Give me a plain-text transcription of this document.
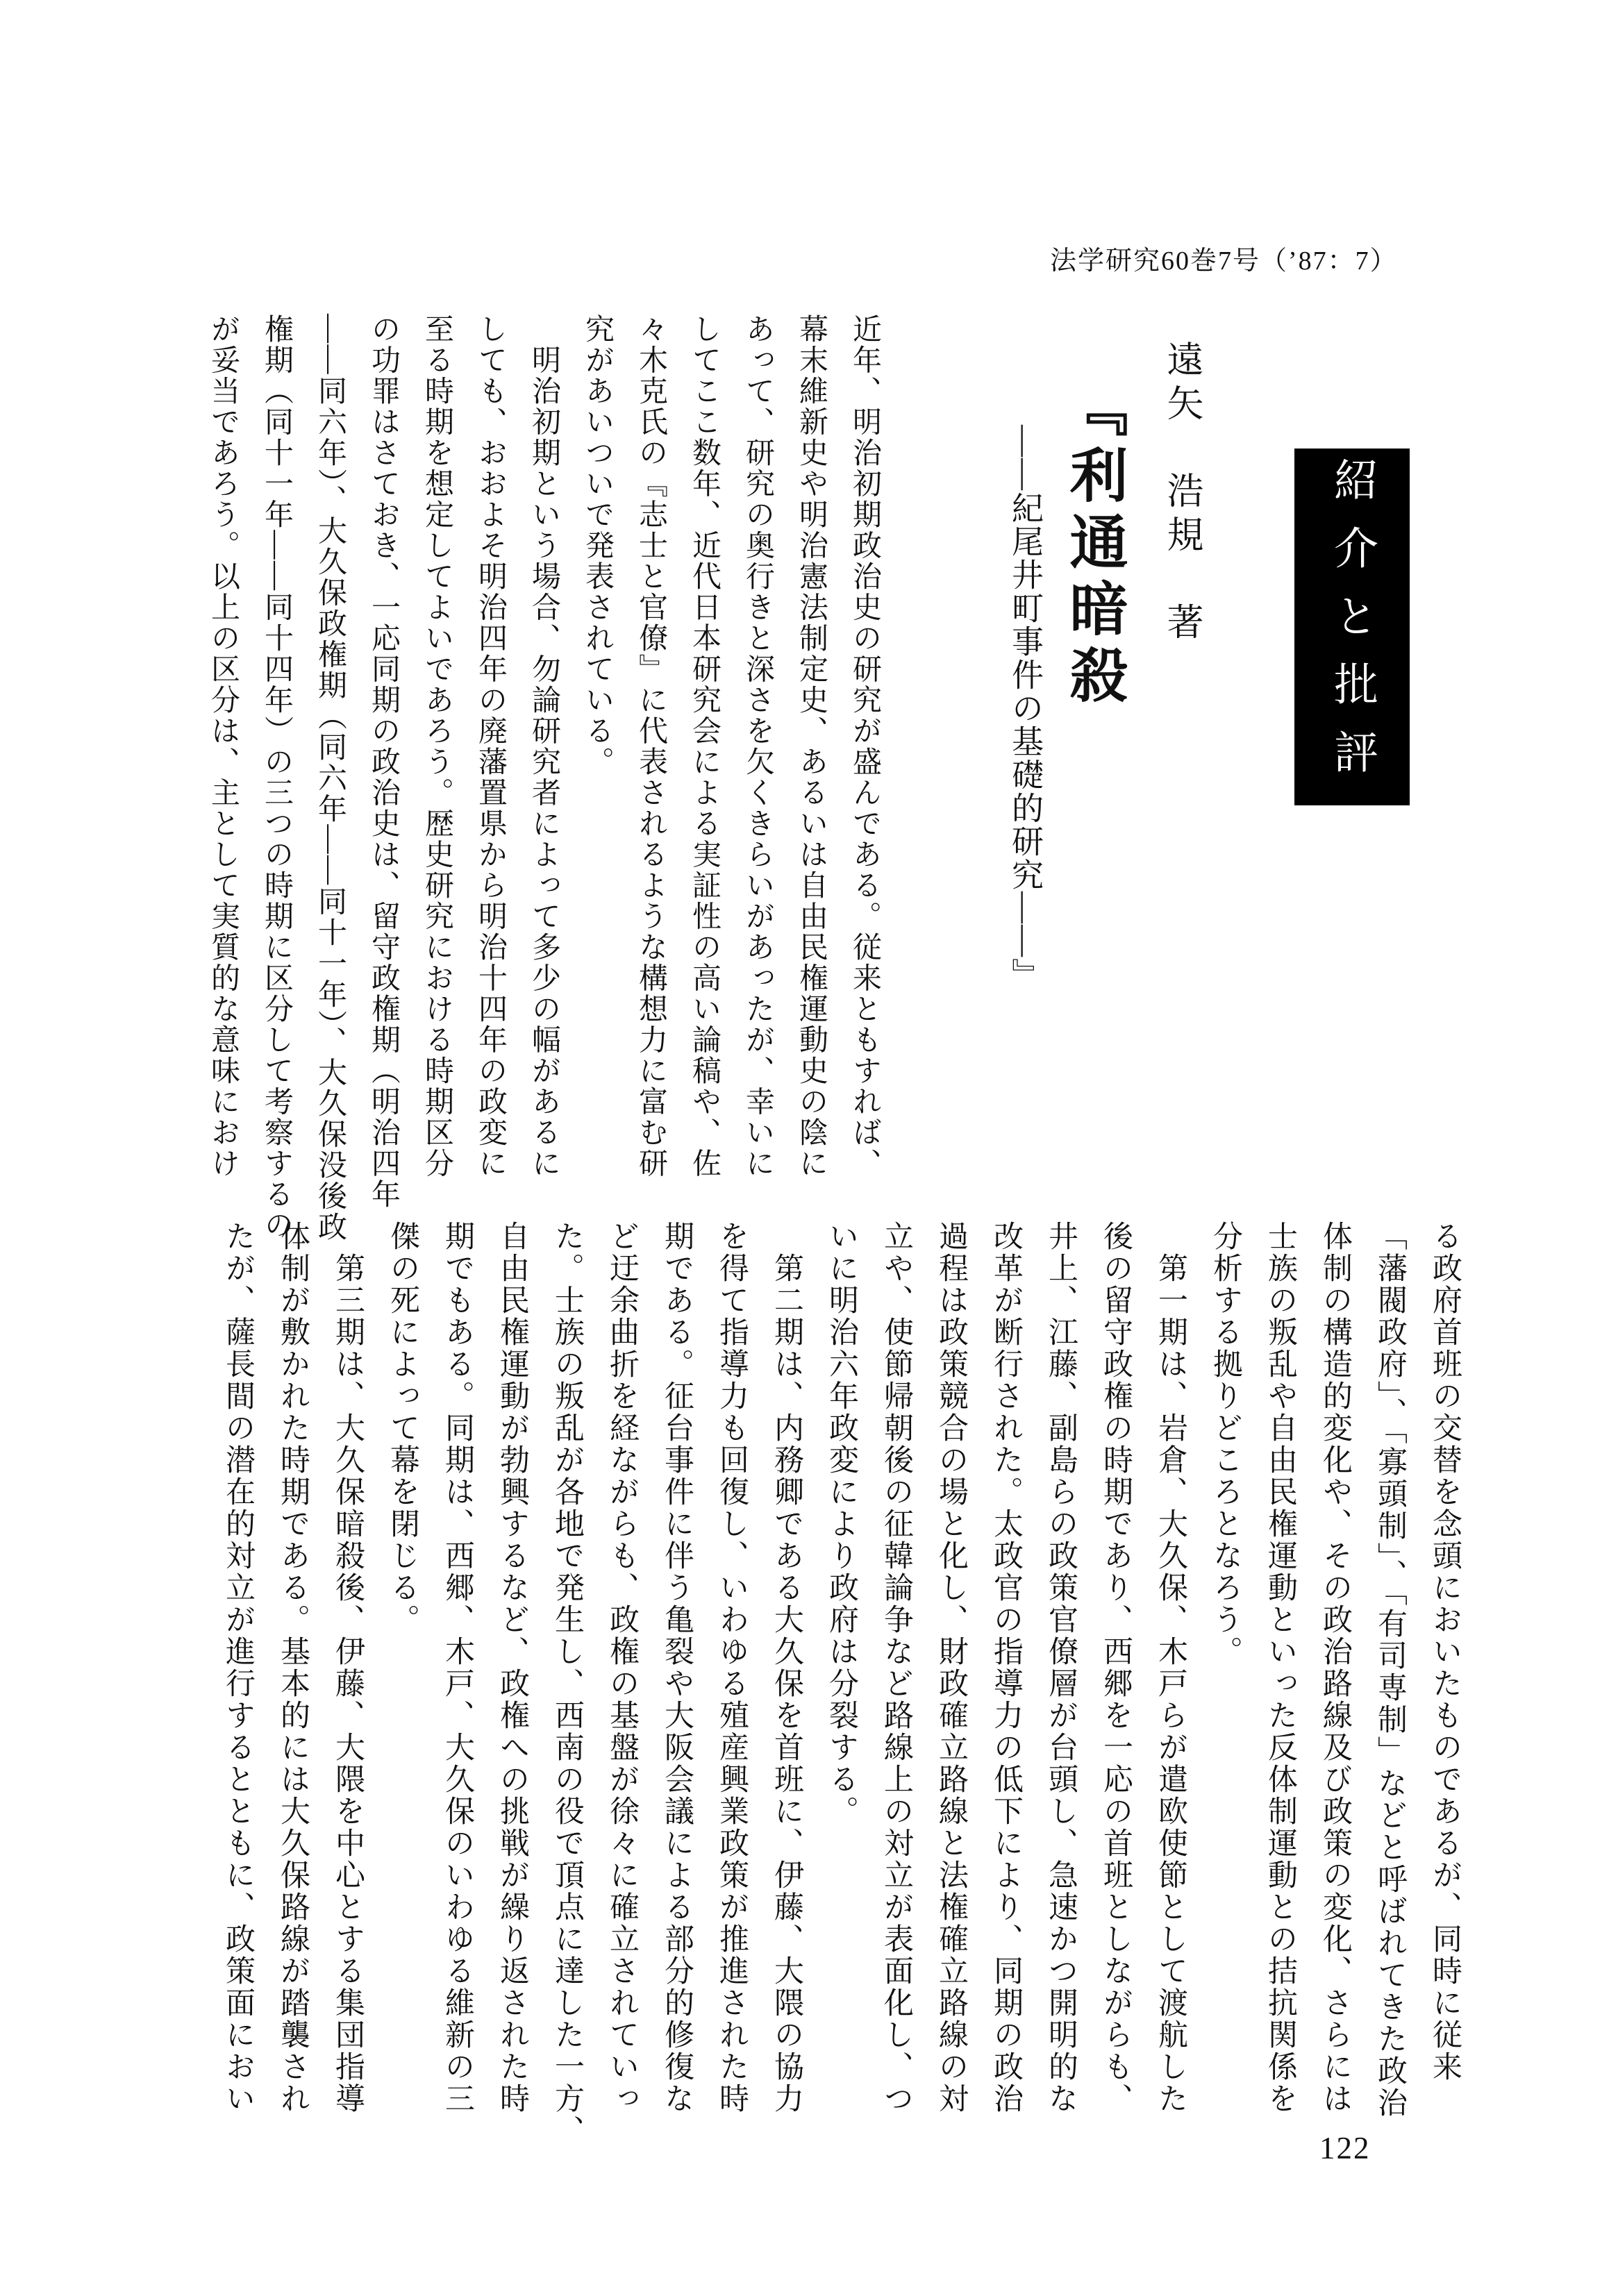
法学研究60巻7号（’87：7）
紹介と批評
遠矢　浩規　著
『利通暗殺
――紀尾井町事件の基礎的研究――』
近年、明治初期政治史の研究が盛んである。従来ともすれば、
幕末維新史や明治憲法制定史、あるいは自由民権運動史の陰に
あって、研究の奥行きと深さを欠くきらいがあったが、幸いに
してここ数年、近代日本研究会による実証性の高い論稿や、佐
々木克氏の『志士と官僚』に代表されるような構想力に富む研
究があいついで発表されている。
　明治初期という場合、勿論研究者によって多少の幅があるに
しても、おおよそ明治四年の廃藩置県から明治十四年の政変に
至る時期を想定してよいであろう。歴史研究における時期区分
の功罪はさておき、一応同期の政治史は、留守政権期（明治四年
――同六年）、大久保政権期（同六年――同十一年）、大久保没後政
権期（同十一年――同十四年）の三つの時期に区分して考察するの
が妥当であろう。以上の区分は、主として実質的な意味におけ
る政府首班の交替を念頭においたものであるが、同時に従来
「藩閥政府」、「寡頭制」、「有司専制」などと呼ばれてきた政治
体制の構造的変化や、その政治路線及び政策の変化、さらには
士族の叛乱や自由民権運動といった反体制運動との拮抗関係を
分析する拠りどころとなろう。
　第一期は、岩倉、大久保、木戸らが遣欧使節として渡航した
後の留守政権の時期であり、西郷を一応の首班としながらも、
井上、江藤、副島らの政策官僚層が台頭し、急速かつ開明的な
改革が断行された。太政官の指導力の低下により、同期の政治
過程は政策競合の場と化し、財政確立路線と法権確立路線の対
立や、使節帰朝後の征韓論争など路線上の対立が表面化し、つ
いに明治六年政変により政府は分裂する。
　第二期は、内務卿である大久保を首班に、伊藤、大隈の協力
を得て指導力も回復し、いわゆる殖産興業政策が推進された時
期である。征台事件に伴う亀裂や大阪会議による部分的修復な
ど迂余曲折を経ながらも、政権の基盤が徐々に確立されていっ
た。士族の叛乱が各地で発生し、西南の役で頂点に達した一方、
自由民権運動が勃興するなど、政権への挑戦が繰り返された時
期でもある。同期は、西郷、木戸、大久保のいわゆる維新の三
傑の死によって幕を閉じる。
　第三期は、大久保暗殺後、伊藤、大隈を中心とする集団指導
体制が敷かれた時期である。基本的には大久保路線が踏襲され
たが、薩長間の潜在的対立が進行するとともに、政策面におい
122
